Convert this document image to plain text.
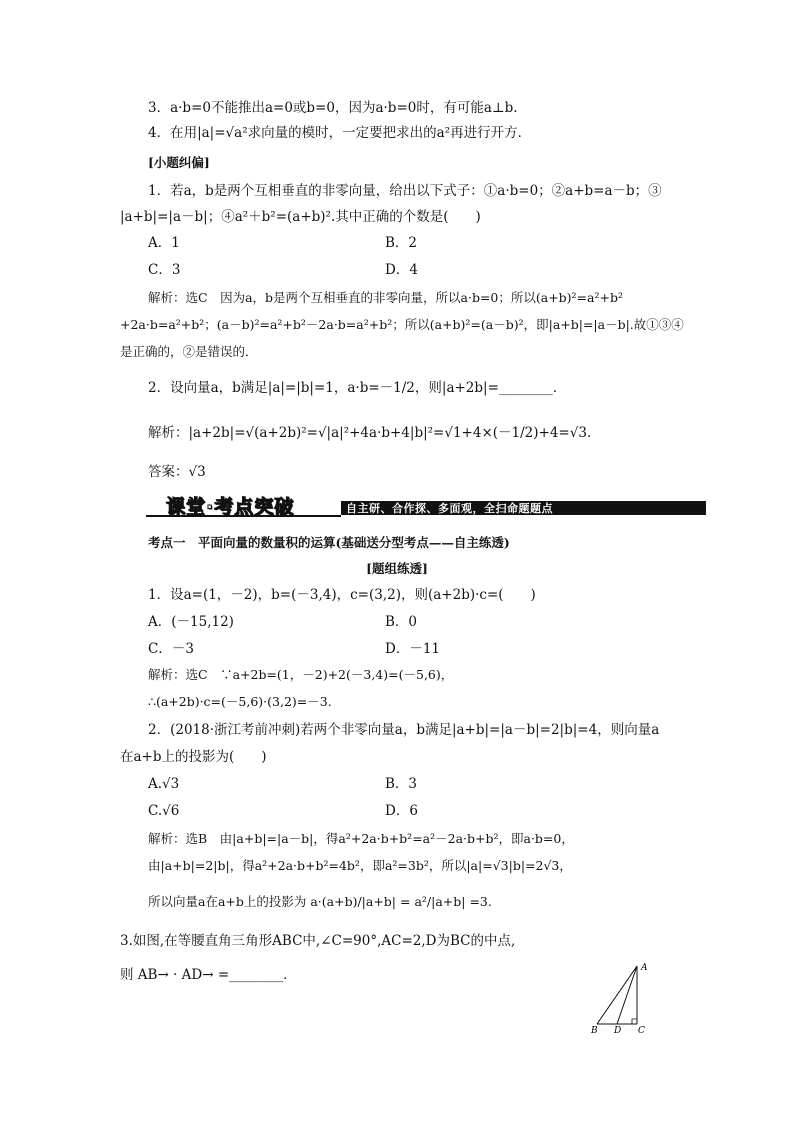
3．a·b=0不能推出a=0或b=0，因为a·b=0时，有可能a⊥b.
4．在用|a|=√a²求向量的模时，一定要把求出的a²再进行开方．
[小题纠偏]
1．若a，b是两个互相垂直的非零向量，给出以下式子：①a·b=0；②a+b=a－b；③
|a+b|=|a－b|；④a²＋b²=(a+b)².其中正确的个数是(　　)
A．1	B．2
C．3	D．4
解析：选C　因为a，b是两个互相垂直的非零向量，所以a·b=0；所以(a+b)²=a²+b²
+2a·b=a²+b²；(a－b)²=a²+b²－2a·b=a²+b²；所以(a+b)²=(a－b)²，即|a+b|=|a－b|.故①③④
是正确的，②是错误的．
2．设向量a，b满足|a|=|b|=1，a·b=－1/2，则|a+2b|=________．
解析：|a+2b|=√(a+2b)²=√|a|²+4a·b+4|b|²=√1+4×(－1/2)+4=√3.
答案：√3
课堂·考点突破	自主研、合作探、多面观，全扫命题题点
考点一　平面向量的数量积的运算(基础送分型考点——自主练透)
[题组练透]
1．设a=(1，－2)，b=(－3,4)，c=(3,2)，则(a+2b)·c=(　　)
A．(－15,12)	B．0
C．－3	D．－11
解析：选C　∵a+2b=(1，－2)+2(－3,4)=(－5,6)，
∴(a+2b)·c=(－5,6)·(3,2)=－3.
2．(2018·浙江考前冲刺)若两个非零向量a，b满足|a+b|=|a－b|=2|b|=4，则向量a
在a+b上的投影为(　　)
A.√3	B．3
C.√6	D．6
解析：选B　由|a+b|=|a－b|，得a²+2a·b+b²=a²－2a·b+b²，即a·b=0，
由|a+b|=2|b|，得a²+2a·b+b²=4b²，即a²=3b²，所以|a|=√3|b|=2√3，
所以向量a在a+b上的投影为 a·(a+b)/|a+b| = a²/|a+b| =3.
3.如图,在等腰直角三角形ABC中,∠C=90°,AC=2,D为BC的中点,
则 AB→ · AD→ =________．	A
B D C
